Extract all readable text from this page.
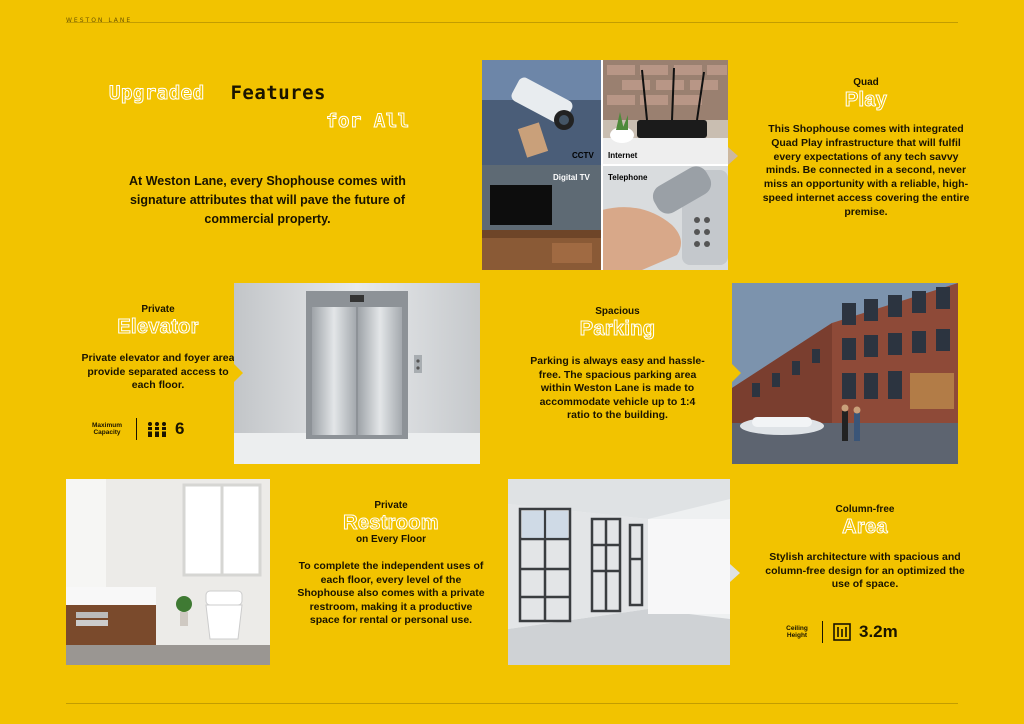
WESTON LANE
Upgraded Features
for All
At Weston Lane, every Shophouse comes with signature attributes that will pave the future of commercial property.
CCTV Internet
Digital TV Telephone
Quad
Play
This Shophouse comes with integrated Quad Play infrastructure that will fulfil every expectations of any tech savvy minds. Be connected in a second, never miss an opportunity with a reliable, high-speed internet access covering the entire premise.
Private
Elevator
Private elevator and foyer area provide separated access to each floor.
Maximum Capacity	6
Spacious
Parking
Parking is always easy and hassle-free. The spacious parking area within Weston Lane is made to accommodate vehicle up to 1:4 ratio to the building.
Private
Restroom
on Every Floor
To complete the independent uses of each floor, every level of the Shophouse also comes with a private restroom, making it a productive space for rental or personal use.
Column-free
Area
Stylish architecture with spacious and column-free design for an optimized the use of space.
Ceiling Height	3.2m
